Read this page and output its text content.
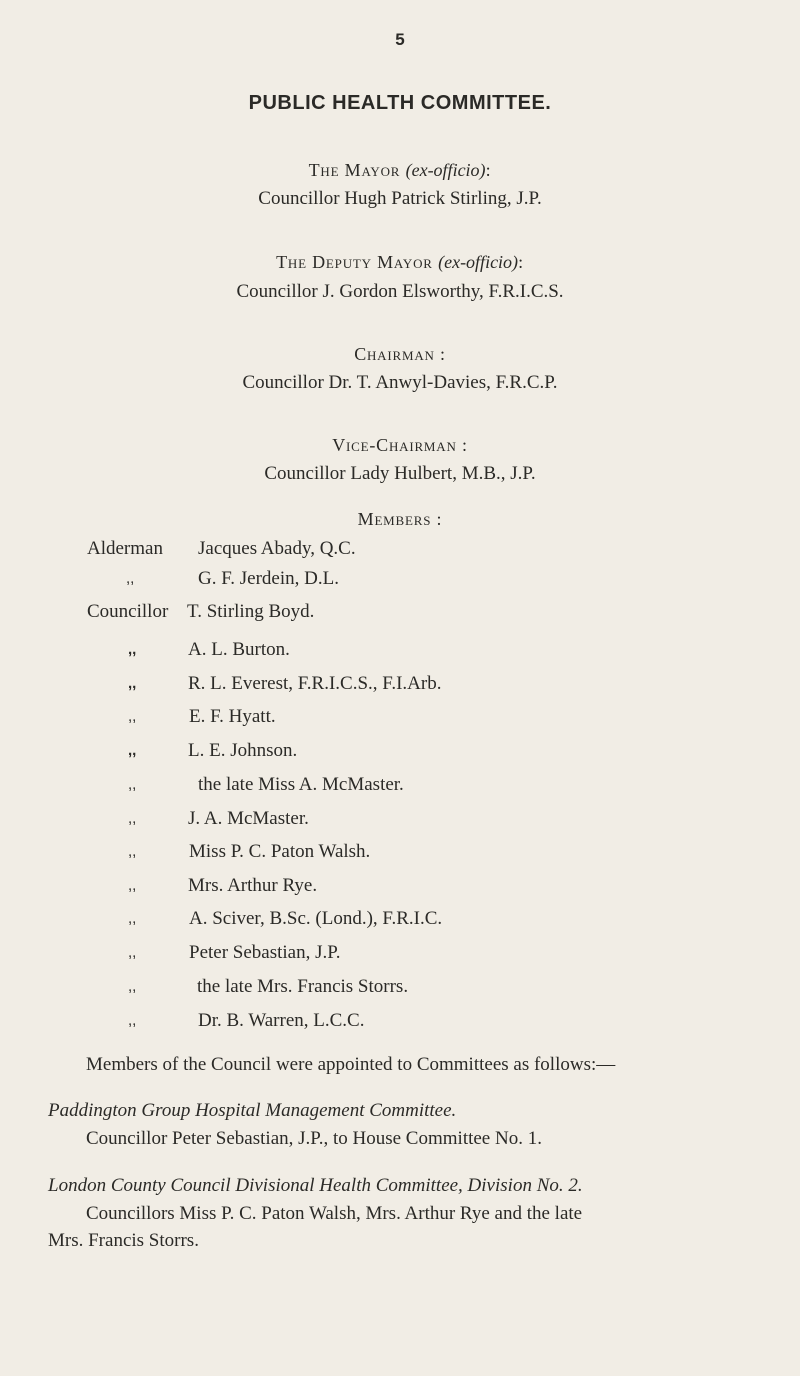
5
PUBLIC HEALTH COMMITTEE.
The Mayor (ex-officio):
Councillor Hugh Patrick Stirling, J.P.
The Deputy Mayor (ex-officio):
Councillor J. Gordon Elsworthy, F.R.I.C.S.
Chairman :
Councillor Dr. T. Anwyl-Davies, F.R.C.P.
Vice-Chairman :
Councillor Lady Hulbert, M.B., J.P.
Members :
Alderman Jacques Abady, Q.C.
,,	G. F. Jerdein, D.L.
Councillor T. Stirling Boyd.
,,	A. L. Burton.
,,	R. L. Everest, F.R.I.C.S., F.I.Arb.
,,	E. F. Hyatt.
,,	L. E. Johnson.
,,	the late Miss A. McMaster.
,,	J. A. McMaster.
,,	Miss P. C. Paton Walsh.
,,	Mrs. Arthur Rye.
,,	A. Sciver, B.Sc. (Lond.), F.R.I.C.
,,	Peter Sebastian, J.P.
,,	the late Mrs. Francis Storrs.
,,	Dr. B. Warren, L.C.C.
Members of the Council were appointed to Committees as follows:—
Paddington Group Hospital Management Committee.
Councillor Peter Sebastian, J.P., to House Committee No. 1.
London County Council Divisional Health Committee, Division No. 2.
Councillors Miss P. C. Paton Walsh, Mrs. Arthur Rye and the late
Mrs. Francis Storrs.
